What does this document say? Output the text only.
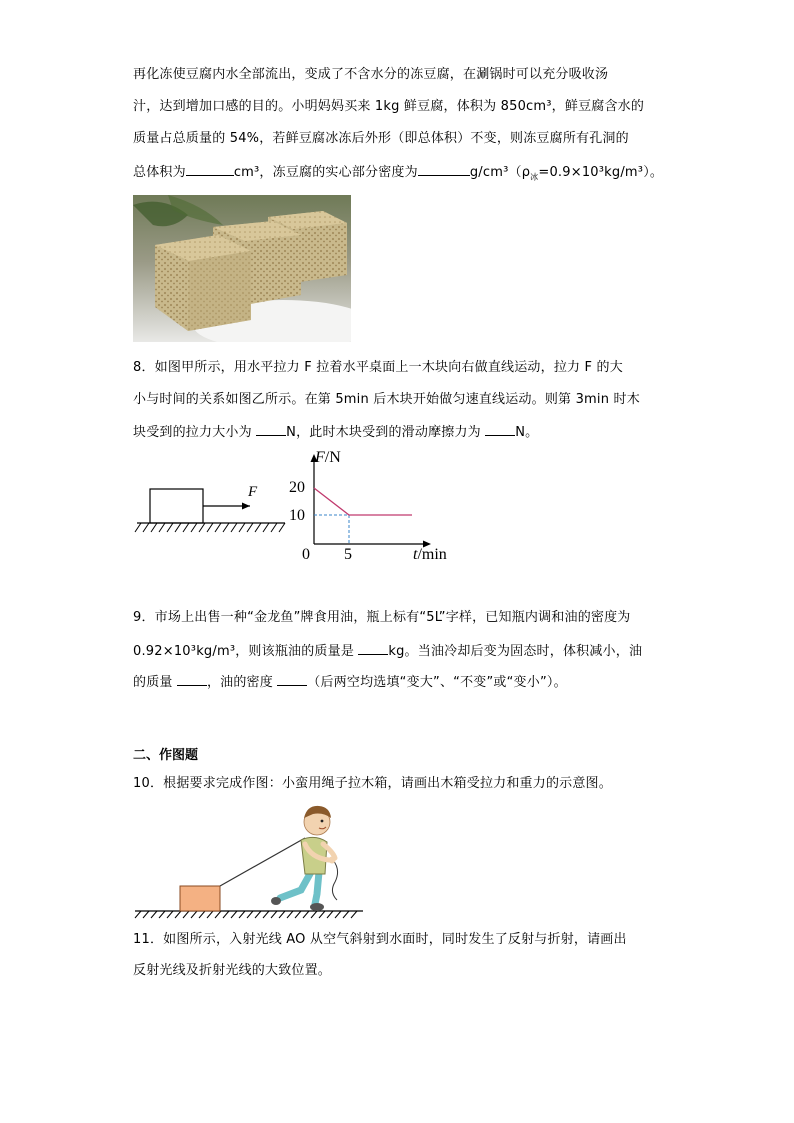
再化冻使豆腐内水全部流出，变成了不含水分的冻豆腐，在涮锅时可以充分吸收汤
汁，达到增加口感的目的。小明妈妈买来 1kg 鲜豆腐，体积为 850cm³，鲜豆腐含水的
质量占总质量的 54%，若鲜豆腐冰冻后外形（即总体积）不变，则冻豆腐所有孔洞的
总体积为	cm³，冻豆腐的实心部分密度为	$g/cm^3(\rho_冰=0.9\times 10^3kg/m^3)$。
8．如图甲所示，用水平拉力 F 拉着水平桌面上一木块向右做直线运动，拉力 F 的大
小与时间的关系如图乙所示。在第 5min 后木块开始做匀速直线运动。则第 3min 时木
块受到的拉力大小为 N，此时木块受到的滑动摩擦力为 N。
F
F/N
20
10
0 5	t/min
9．市场上出售一种“金龙鱼”牌食用油，瓶上标有“5L”字样，已知瓶内调和油的密度为
0.92×10³kg/m³，则该瓶油的质量是 kg。当油冷却后变为固态时，体积减小，油
的质量 ，油的密度 （后两空均选填“变大”、“不变”或“变小”）。
二、作图题
10．根据要求完成作图：小蛮用绳子拉木箱，请画出木箱受拉力和重力的示意图。
11．如图所示，入射光线 AO 从空气斜射到水面时，同时发生了反射与折射，请画出
反射光线及折射光线的大致位置。
